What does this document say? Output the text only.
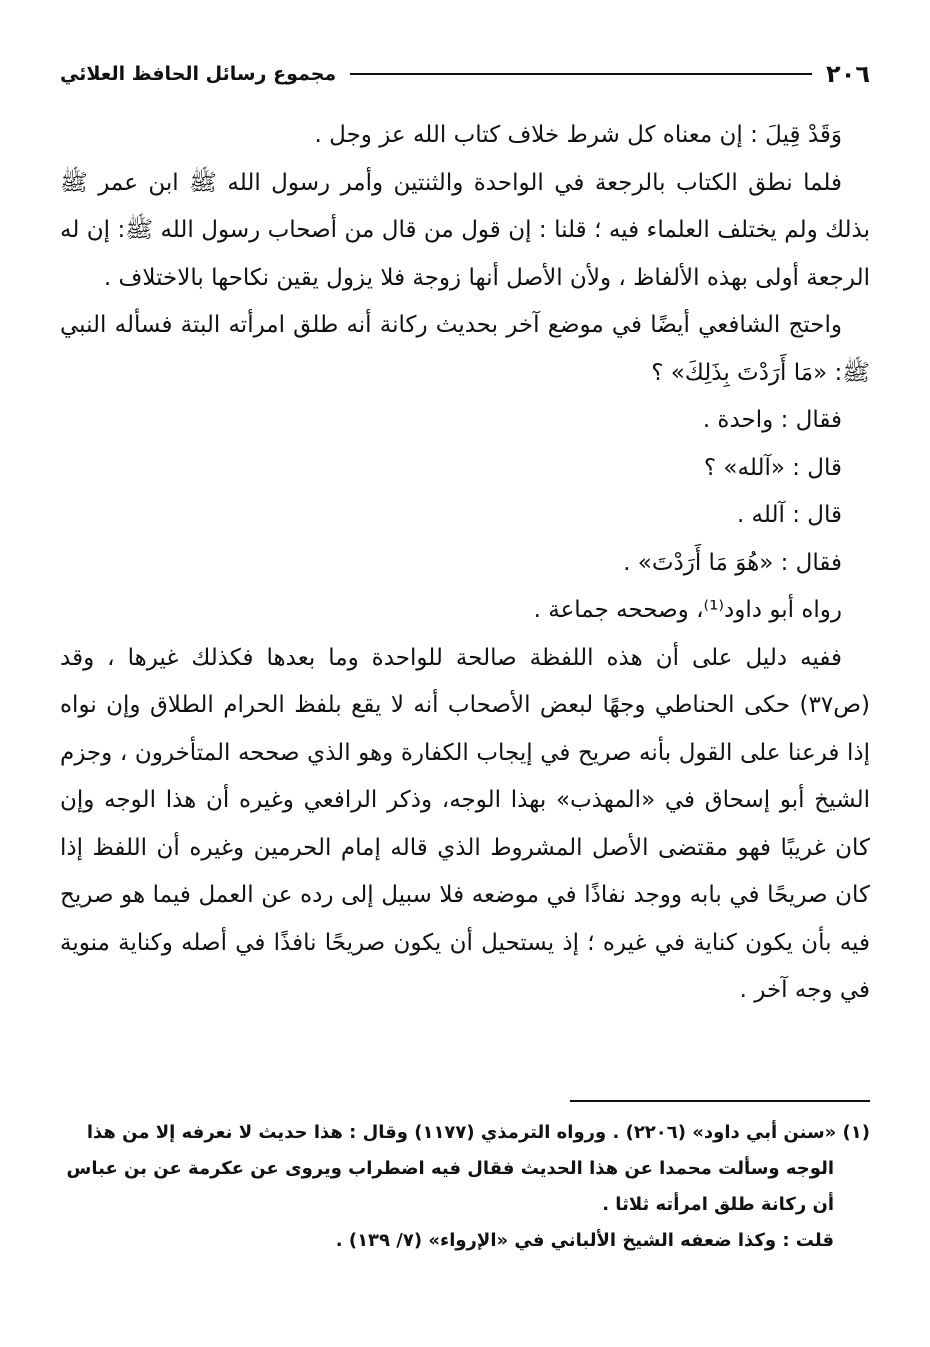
٢٠٦
مجموع رسائل الحافظ العلائي

وَقَدْ قِيلَ : إن معناه كل شرط خلاف كتاب الله عز وجل .

فلما نطق الكتاب بالرجعة في الواحدة والثنتين وأمر رسول الله ﷺ ابن عمر ﷺ بذلك ولم يختلف العلماء فيه ؛ قلنا : إن قول من قال من أصحاب رسول الله ﷺ: إن له الرجعة أولى بهذه الألفاظ ، ولأن الأصل أنها زوجة فلا يزول يقين نكاحها بالاختلاف .

واحتج الشافعي أيضًا في موضع آخر بحديث ركانة أنه طلق امرأته البتة فسأله النبي ﷺ: «مَا أَرَدْتَ بِذَلِكَ» ؟

فقال : واحدة .

قال : «آلله» ؟

قال : آلله .

فقال : «هُوَ مَا أَرَدْتَ» .

رواه أبو داود⁽¹⁾، وصححه جماعة .

ففيه دليل على أن هذه اللفظة صالحة للواحدة وما بعدها فكذلك غيرها ، وقد (ص٣٧) حكى الحناطي وجهًا لبعض الأصحاب أنه لا يقع بلفظ الحرام الطلاق وإن نواه إذا فرعنا على القول بأنه صريح في إيجاب الكفارة وهو الذي صححه المتأخرون ، وجزم الشيخ أبو إسحاق في «المهذب» بهذا الوجه، وذكر الرافعي وغيره أن هذا الوجه وإن كان غريبًا فهو مقتضى الأصل المشروط الذي قاله إمام الحرمين وغيره أن اللفظ إذا كان صريحًا في بابه ووجد نفاذًا في موضعه فلا سبيل إلى رده عن العمل فيما هو صريح فيه بأن يكون كناية في غيره ؛ إذ يستحيل أن يكون صريحًا نافذًا في أصله وكناية منوية في وجه آخر .

(١) «سنن أبي داود» (٢٢٠٦) . ورواه الترمذي (١١٧٧) وقال : هذا حديث لا نعرفه إلا من هذا

الوجه وسألت محمدا عن هذا الحديث فقال فيه اضطراب ويروى عن عكرمة عن بن عباس

أن ركانة طلق امرأته ثلاثا .

قلت : وكذا ضعفه الشيخ الألباني في «الإرواء» (٧/ ١٣٩) .
